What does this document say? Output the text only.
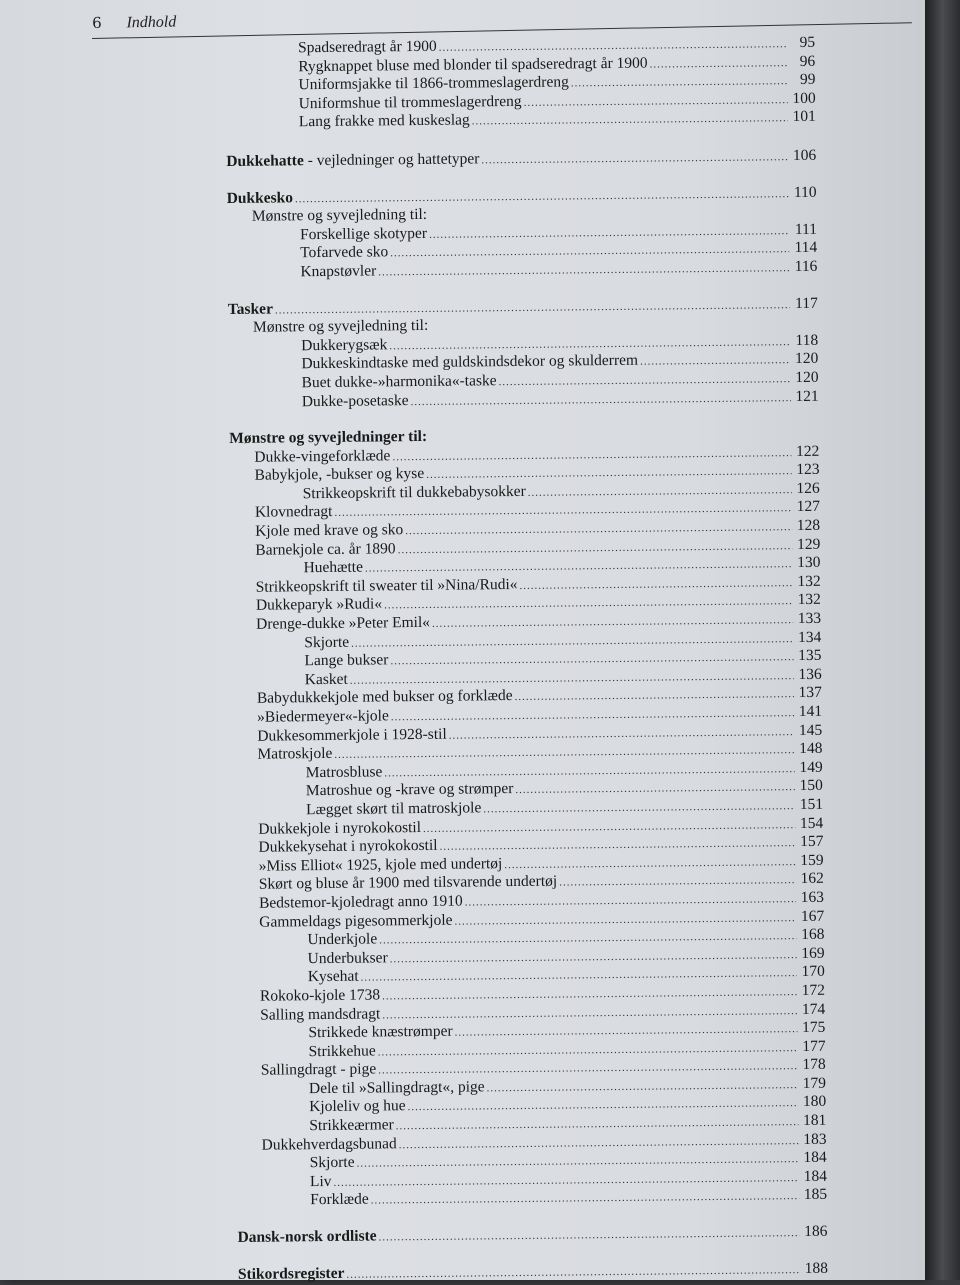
6 Indhold
Spadseredragt år 1900 .....	95
Rygknappet bluse med blonder til spadseredragt år 1900 .....	96
Uniformsjakke til 1866-trommeslagerdreng .....	99
Uniformshue til trommeslagerdreng .....	100
Lang frakke med kuskeslag .....	101
Dukkehatte - vejledninger og hattetyper .....	106
Dukkesko .....	110
Mønstre og syvejledning til:
Forskellige skotyper .....	111
Tofarvede sko .....	114
Knapstøvler .....	116
Tasker .....	117
Mønstre og syvejledning til:
Dukkerygsæk .....	118
Dukkeskindtaske med guldskindsdekor og skulderrem .....	120
Buet dukke-»harmonika«-taske .....	120
Dukke-posetaske .....	121
Mønstre og syvejledninger til:
Dukke-vingeforklæde .....	122
Babykjole, -bukser og kyse .....	123
Strikkeopskrift til dukkebabysokker .....	126
Klovnedragt .....	127
Kjole med krave og sko .....	128
Barnekjole ca. år 1890 .....	129
Huehætte .....	130
Strikkeopskrift til sweater til »Nina/Rudi« .....	132
Dukkeparyk »Rudi« .....	132
Drenge-dukke »Peter Emil« .....	133
Skjorte .....	134
Lange bukser .....	135
Kasket .....	136
Babydukkekjole med bukser og forklæde .....	137
»Biedermeyer«-kjole .....	141
Dukkesommerkjole i 1928-stil .....	145
Matroskjole .....	148
Matrosbluse .....	149
Matroshue og -krave og strømper .....	150
Lægget skørt til matroskjole .....	151
Dukkekjole i nyrokokostil .....	154
Dukkekysehat i nyrokokostil .....	157
»Miss Elliot« 1925, kjole med undertøj .....	159
Skørt og bluse år 1900 med tilsvarende undertøj .....	162
Bedstemor-kjoledragt anno 1910 .....	163
Gammeldags pigesommerkjole .....	167
Underkjole .....	168
Underbukser .....	169
Kysehat .....	170
Rokoko-kjole 1738 .....	172
Salling mandsdragt .....	174
Strikkede knæstrømper .....	175
Strikkehue .....	177
Sallingdragt - pige .....	178
Dele til »Sallingdragt«, pige .....	179
Kjoleliv og hue .....	180
Strikkeærmer .....	181
Dukkehverdagsbunad .....	183
Skjorte .....	184
Liv .....	184
Forklæde .....	185
Dansk-norsk ordliste .....	186
Stikordsregister .....	188
